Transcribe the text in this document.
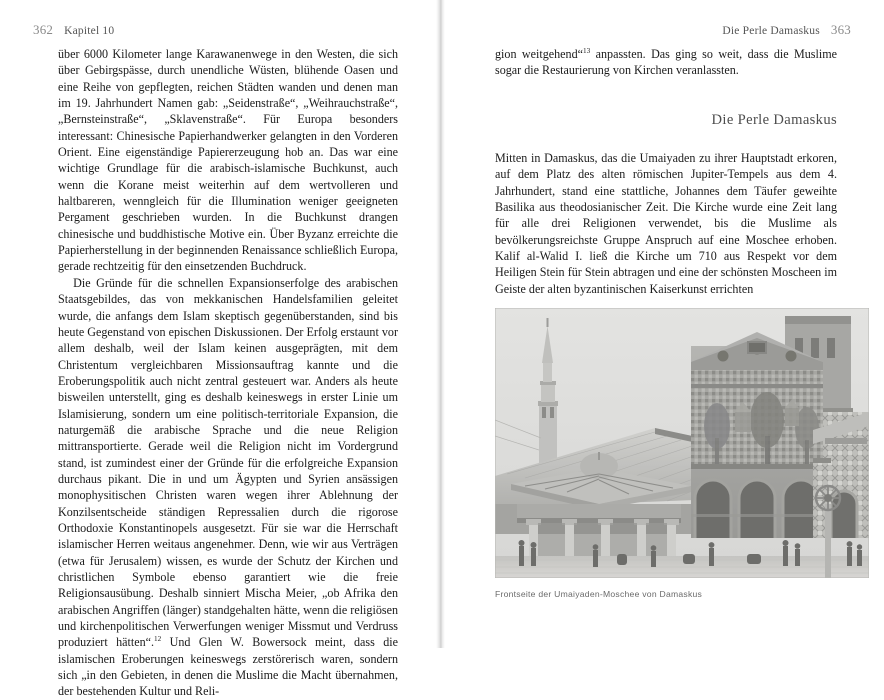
362 Kapitel 10

über 6000 Kilometer lange Karawanenwege in den Westen, die sich über Gebirgspässe, durch unendliche Wüsten, blühende Oasen und eine Reihe von gepflegten, reichen Städten wanden und denen man im 19. Jahrhundert Namen gab: „Seidenstraße“, „Weihrauchstraße“, „Bernsteinstraße“, „Sklavenstraße“. Für Europa besonders interessant: Chinesische Papierhandwerker gelangten in den Vorderen Orient. Eine eigenständige Papiererzeugung hob an. Das war eine wichtige Grundlage für die arabisch-islamische Buchkunst, auch wenn die Korane meist weiterhin auf dem wertvolleren und haltbareren, wenngleich für die Illumination weniger geeigneten Pergament geschrieben wurden. In die Buchkunst drangen chinesische und buddhistische Motive ein. Über Byzanz erreichte die Papierherstellung in der beginnenden Renaissance schließlich Europa, gerade rechtzeitig für den einsetzenden Buchdruck.

Die Gründe für die schnellen Expansionserfolge des arabischen Staatsgebildes, das von mekkanischen Handelsfamilien geleitet wurde, die anfangs dem Islam skeptisch gegenüberstanden, sind bis heute Gegenstand von epischen Diskussionen. Der Erfolg erstaunt vor allem deshalb, weil der Islam keinen ausgeprägten, mit dem Christentum vergleichbaren Missionsauftrag kannte und die Eroberungspolitik auch nicht zentral gesteuert war. Anders als heute bisweilen unterstellt, ging es deshalb keineswegs in erster Linie um Islamisierung, sondern um eine politisch-territoriale Expansion, die naturgemäß die arabische Sprache und die neue Religion mittransportierte. Gerade weil die Religion nicht im Vordergrund stand, ist zumindest einer der Gründe für die erfolgreiche Expansion durchaus pikant. Die in und um Ägypten und Syrien ansässigen monophysitischen Christen waren wegen ihrer Ablehnung der Konzilsentscheide ständigen Repressalien durch die rigorose Orthodoxie Konstantinopels ausgesetzt. Für sie war die Herrschaft islamischer Herren weitaus angenehmer. Denn, wie wir aus Verträgen (etwa für Jerusalem) wissen, es wurde der Schutz der Kirchen und christlichen Symbole ebenso garantiert wie die freie Religionsausübung. Deshalb sinniert Mischa Meier, „ob Afrika den arabischen Angriffen (länger) standgehalten hätte, wenn die religiösen und kirchenpolitischen Verwerfungen weniger Missmut und Verdruss produziert hätten“.$^{12}$ Und Glen W. Bowersock meint, dass die islamischen Eroberungen keineswegs zerstörerisch waren, sondern sich „in den Gebieten, in denen die Muslime die Macht übernahmen, der bestehenden Kultur und Reli-

Die Perle Damaskus 363

gion weitgehend“$^{13}$ anpassten. Das ging so weit, dass die Muslime sogar die Restaurierung von Kirchen veranlassten.

Die Perle Damaskus

Mitten in Damaskus, das die Umaiyaden zu ihrer Hauptstadt erkoren, auf dem Platz des alten römischen Jupiter-Tempels aus dem 4. Jahrhundert, stand eine stattliche, Johannes dem Täufer geweihte Basilika aus theodosianischer Zeit. Die Kirche wurde eine Zeit lang für alle drei Religionen verwendet, bis die Muslime als bevölkerungsreichste Gruppe Anspruch auf eine Moschee erhoben. Kalif al-Walid I. ließ die Kirche um 710 aus Respekt vor dem Heiligen Stein für Stein abtragen und eine der schönsten Moscheen im Geiste der alten byzantinischen Kaiserkunst errichten

Frontseite der Umaiyaden-Moschee von Damaskus
